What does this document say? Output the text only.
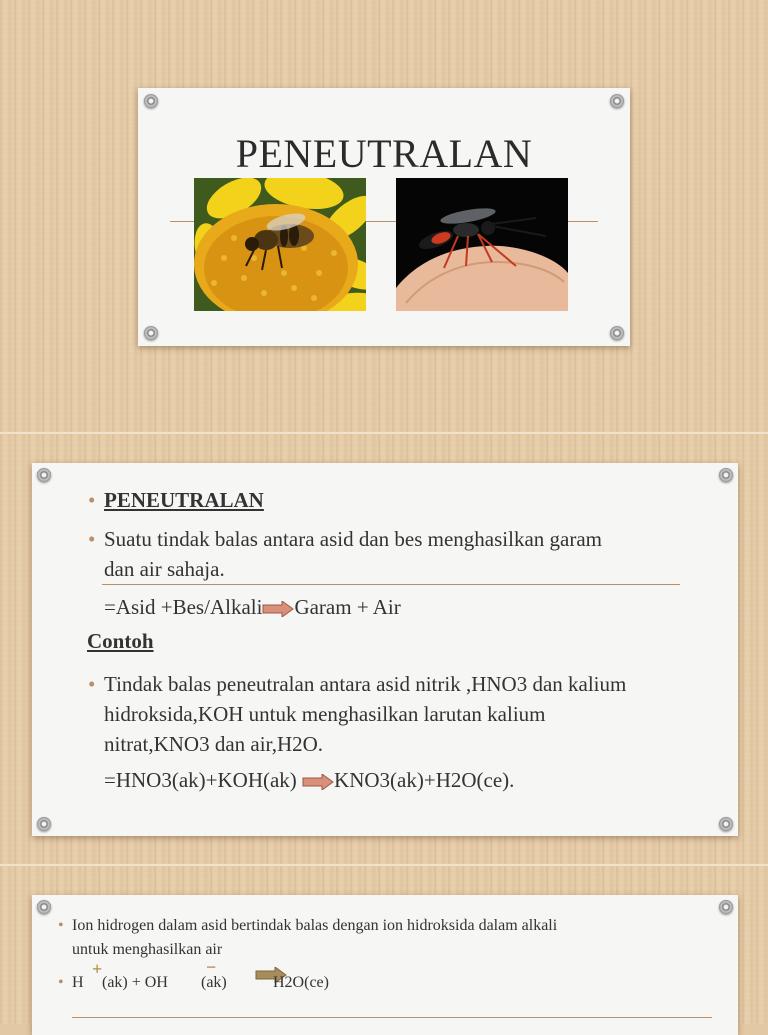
PENEUTRALAN
• PENEUTRALAN
• Suatu tindak balas antara asid dan bes menghasilkan garam
dan air sahaja.
=Asid +Bes/Alkali Garam + Air
Contoh
• Tindak balas peneutralan antara asid nitrik ,HNO3 dan kalium
hidroksida,KOH untuk menghasilkan larutan kalium
nitrat,KNO3 dan air,H2O.
=HNO3(ak)+KOH(ak) KNO3(ak)+H2O(ce).
• Ion hidrogen dalam asid bertindak balas dengan ion hidroksida dalam alkali
untuk menghasilkan air
• H
+
(ak) + OH
−
(ak)	H2O(ce)
